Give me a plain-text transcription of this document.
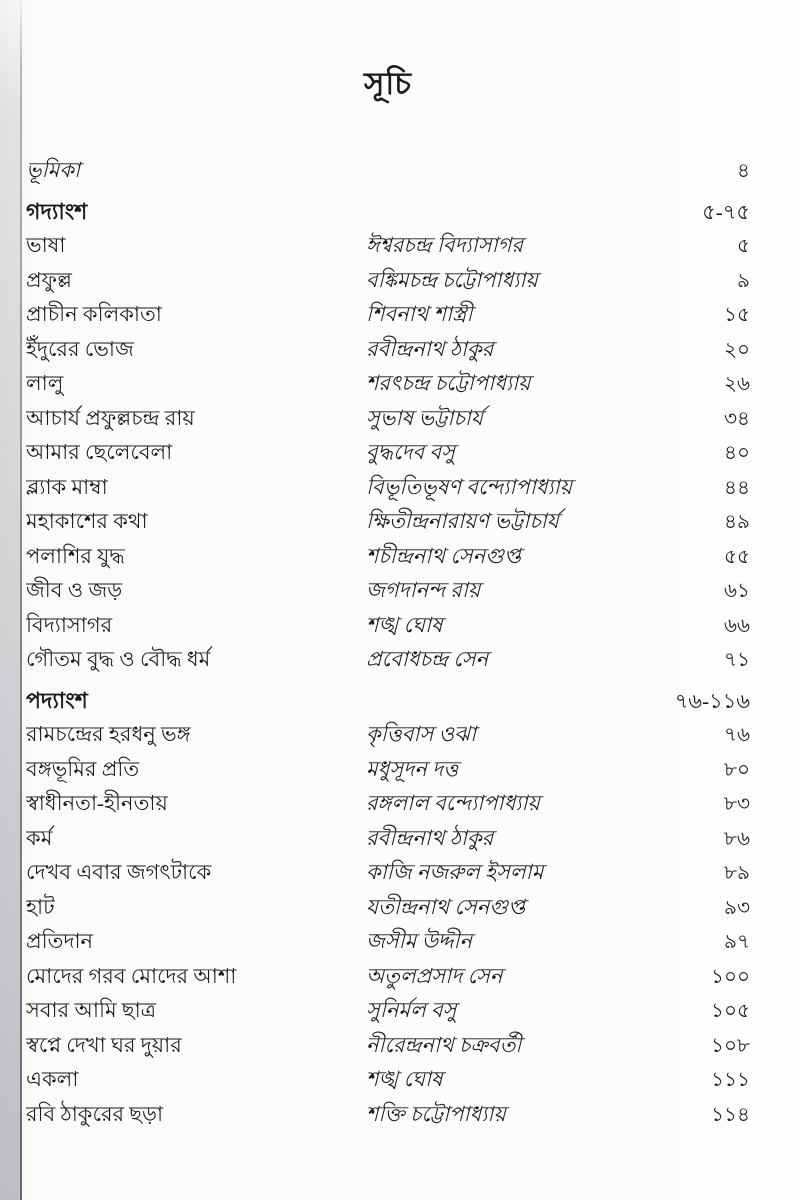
সূচি
ভূমিকা	৪
গদ্যাংশ	৫-৭৫
ভাষা	ঈশ্বরচন্দ্র বিদ্যাসাগর	৫
প্রফুল্ল	বঙ্কিমচন্দ্র চট্টোপাধ্যায়	৯
প্রাচীন কলিকাতা	শিবনাথ শাস্ত্রী	১৫
ইঁদুরের ভোজ	রবীন্দ্রনাথ ঠাকুর	২০
লালু	শরৎচন্দ্র চট্টোপাধ্যায়	২৬
আচার্য প্রফুল্লচন্দ্র রায়	সুভাষ ভট্টাচার্য	৩৪
আমার ছেলেবেলা	বুদ্ধদেব বসু	৪০
ব্ল্যাক মাম্বা	বিভূতিভূষণ বন্দ্যোপাধ্যায়	৪৪
মহাকাশের কথা	ক্ষিতীন্দ্রনারায়ণ ভট্টাচার্য	৪৯
পলাশির যুদ্ধ	শচীন্দ্রনাথ সেনগুপ্ত	৫৫
জীব ও জড়	জগদানন্দ রায়	৬১
বিদ্যাসাগর	শঙ্খ ঘোষ	৬৬
গৌতম বুদ্ধ ও বৌদ্ধ ধর্ম	প্রবোধচন্দ্র সেন	৭১
পদ্যাংশ	৭৬-১১৬
রামচন্দ্রের হরধনু ভঙ্গ	কৃত্তিবাস ওঝা	৭৬
বঙ্গভূমির প্রতি	মধুসূদন দত্ত	৮০
স্বাধীনতা-হীনতায়	রঙ্গলাল বন্দ্যোপাধ্যায়	৮৩
কর্ম	রবীন্দ্রনাথ ঠাকুর	৮৬
দেখব এবার জগৎটাকে	কাজি নজরুল ইসলাম	৮৯
হাট	যতীন্দ্রনাথ সেনগুপ্ত	৯৩
প্রতিদান	জসীম উদ্দীন	৯৭
মোদের গরব মোদের আশা	অতুলপ্রসাদ সেন	১০০
সবার আমি ছাত্র	সুনির্মল বসু	১০৫
স্বপ্নে দেখা ঘর দুয়ার	নীরেন্দ্রনাথ চক্রবর্তী	১০৮
একলা	শঙ্খ ঘোষ	১১১
রবি ঠাকুরের ছড়া	শক্তি চট্টোপাধ্যায়	১১৪
